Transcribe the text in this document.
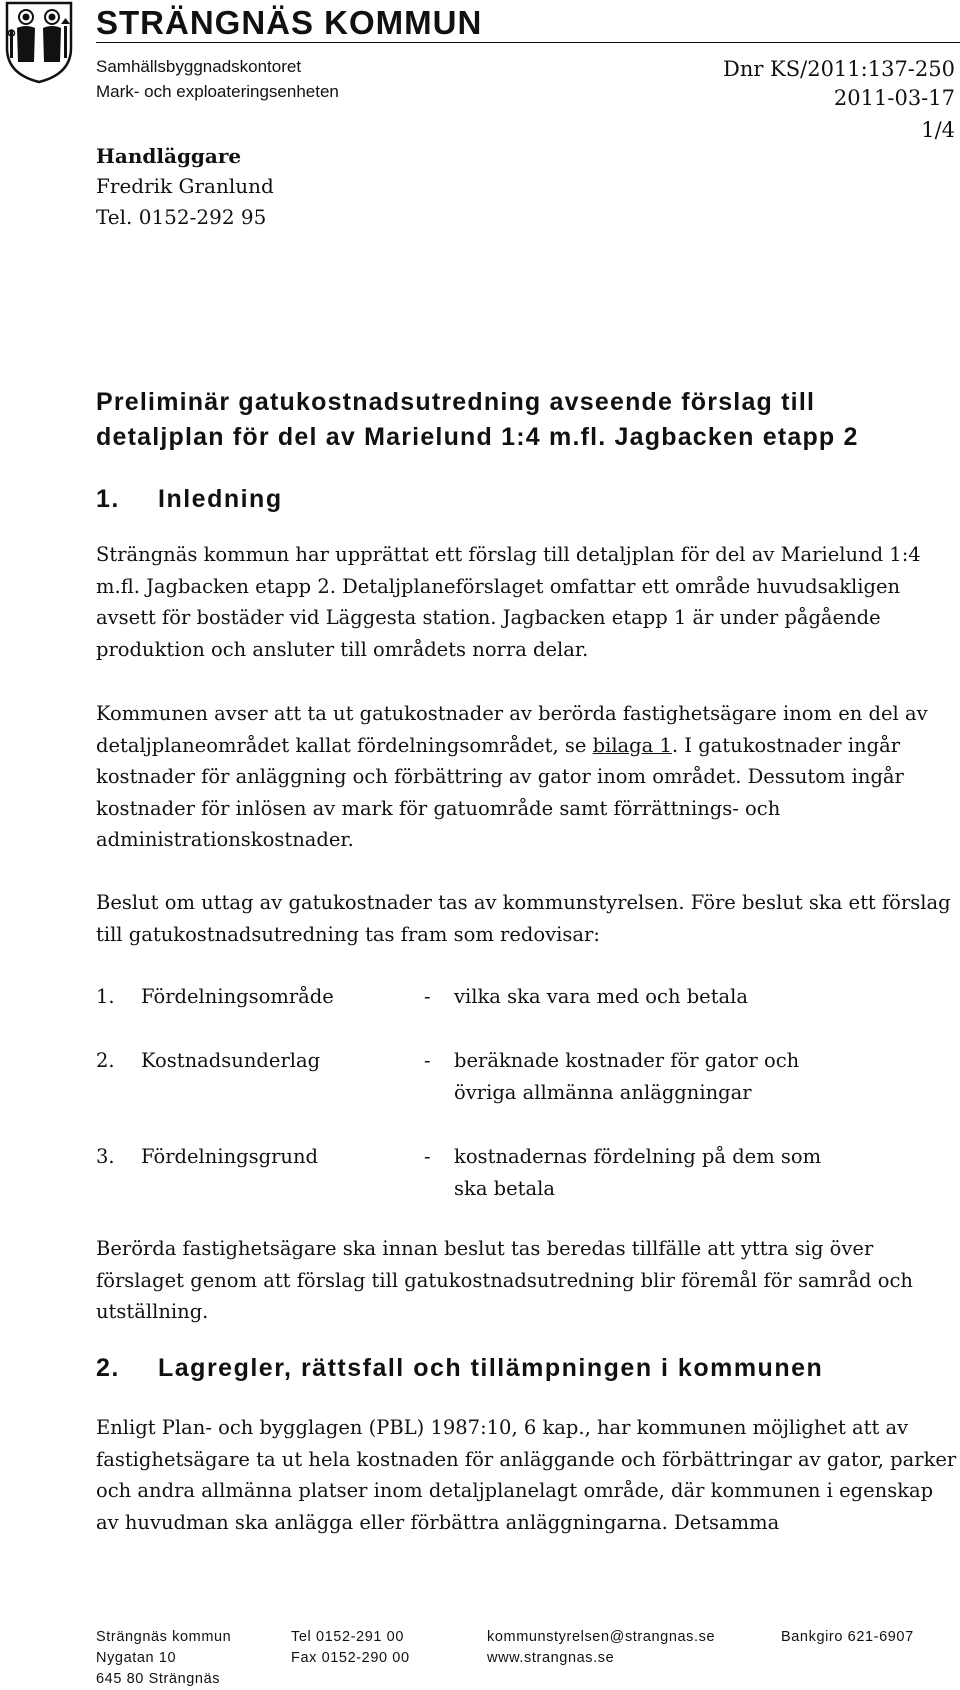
STRÄNGNÄS KOMMUN
Samhällsbyggnadskontoret
Mark- och exploateringsenheten
Dnr KS/2011:137-250
2011-03-17
1/4
Handläggare
Fredrik Granlund
Tel. 0152-292 95
Preliminär gatukostnadsutredning avseende förslag till detaljplan för del av Marielund 1:4 m.fl. Jagbacken etapp 2
1. Inledning

Strängnäs kommun har upprättat ett förslag till detaljplan för del av Marielund 1:4 m.fl. Jagbacken etapp 2. Detaljplaneförslaget omfattar ett område huvudsakligen avsett för bostäder vid Läggesta station. Jagbacken etapp 1 är under pågående produktion och ansluter till områdets norra delar.

Kommunen avser att ta ut gatukostnader av berörda fastighetsägare inom en del av detaljplaneområdet kallat fördelningsområdet, se bilaga 1. I gatukostnader ingår kostnader för anläggning och förbättring av gator inom området. Dessutom ingår kostnader för inlösen av mark för gatuområde samt förrättnings- och administrationskostnader.

Beslut om uttag av gatukostnader tas av kommunstyrelsen. Före beslut ska ett förslag till gatukostnadsutredning tas fram som redovisar:

1.	Fördelningsområde	-	vilka ska vara med och betala
2.	Kostnadsunderlag	-	beräknade kostnader för gator och övriga allmänna anläggningar
3.	Fördelningsgrund	-	kostnadernas fördelning på dem som ska betala

Berörda fastighetsägare ska innan beslut tas beredas tillfälle att yttra sig över förslaget genom att förslag till gatukostnadsutredning blir föremål för samråd och utställning.

2. Lagregler, rättsfall och tillämpningen i kommunen

Enligt Plan- och bygglagen (PBL) 1987:10, 6 kap., har kommunen möjlighet att av fastighetsägare ta ut hela kostnaden för anläggande och förbättringar av gator, parker och andra allmänna platser inom detaljplanelagt område, där kommunen i egenskap av huvudman ska anlägga eller förbättra anläggningarna. Detsamma

Strängnäs kommun
Nygatan 10
645 80 Strängnäs
Tel 0152-291 00
Fax 0152-290 00
kommunstyrelsen@strangnas.se
www.strangnas.se
Bankgiro 621-6907
